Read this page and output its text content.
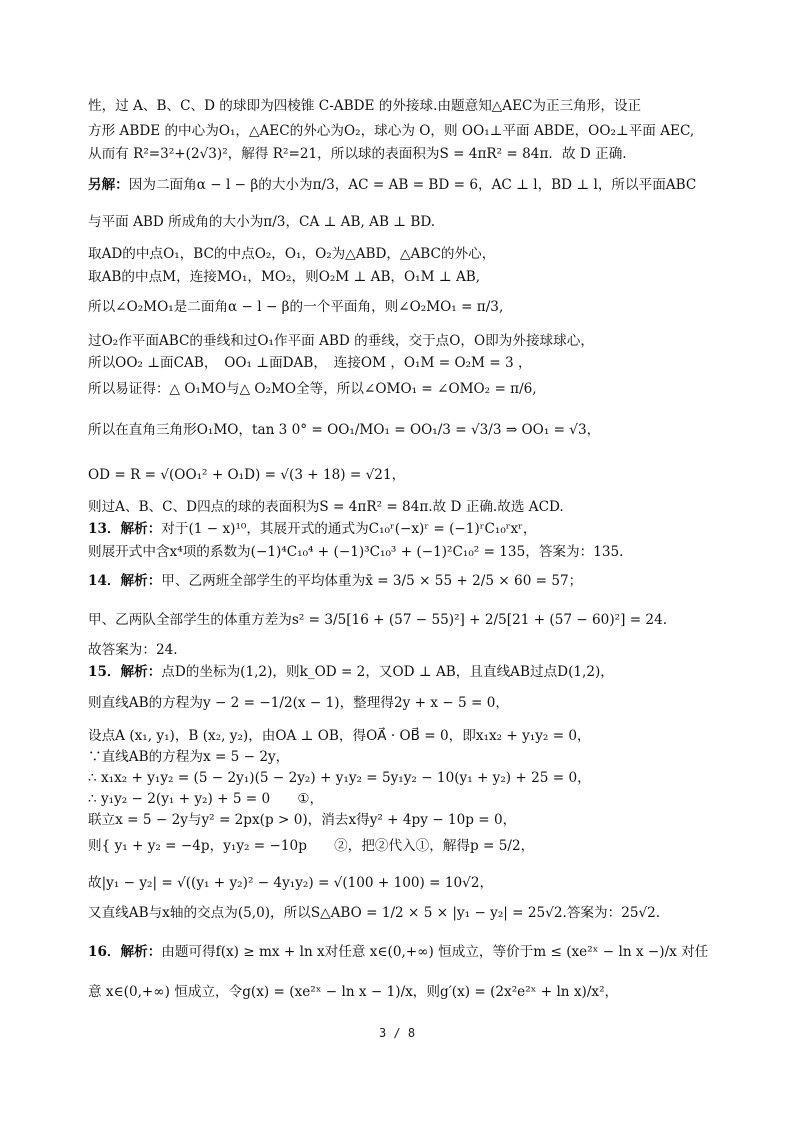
性，过 A、B、C、D 的球即为四棱锥 C-ABDE 的外接球.由题意知△AEC为正三角形，设正
方形 ABDE 的中心为O₁，△AEC的外心为O₂，球心为 O，则 OO₁⊥平面 ABDE，OO₂⊥平面 AEC,
从而有 R²=3²+(2√3)²，解得 R²=21，所以球的表面积为S = 4πR² = 84π．故 D 正确.
另解：因为二面角α − l − β的大小为π/3，AC = AB = BD = 6，AC ⊥ l，BD ⊥ l，所以平面ABC
与平面 ABD 所成角的大小为π/3，CA ⊥ AB, AB ⊥ BD.
取AD的中点O₁，BC的中点O₂，O₁，O₂为△ABD，△ABC的外心，
取AB的中点M，连接MO₁，MO₂，则O₂M ⊥ AB，O₁M ⊥ AB,
所以∠O₂MO₁是二面角α − l − β的一个平面角，则∠O₂MO₁ = π/3,
过O₂作平面ABC的垂线和过O₁作平面 ABD 的垂线，交于点O，O即为外接球球心，
所以OO₂ ⊥面CAB，　OO₁ ⊥面DAB，　连接OM ，O₁M = O₂M = 3 ，
所以易证得：△ O₁MO与△ O₂MO全等，所以∠OMO₁ = ∠OMO₂ = π/6,
所以在直角三角形O₁MO，tan 3 0° = OO₁/MO₁ = OO₁/3 = √3/3 ⇒ OO₁ = √3，
OD = R = √(OO₁² + O₁D) = √(3 + 18) = √21，
则过A、B、C、D四点的球的表面积为S = 4πR² = 84π.故 D 正确.故选 ACD.
13．解析：对于(1 − x)¹⁰，其展开式的通式为C₁₀ʳ(−x)ʳ = (−1)ʳC₁₀ʳxʳ，
则展开式中含x⁴项的系数为(−1)⁴C₁₀⁴ + (−1)³C₁₀³ + (−1)²C₁₀² = 135，答案为：135.
14．解析：甲、乙两班全部学生的平均体重为x̄ = 3/5 × 55 + 2/5 × 60 = 57；
甲、乙两队全部学生的体重方差为s² = 3/5[16 + (57 − 55)²] + 2/5[21 + (57 − 60)²] = 24.
故答案为：24.
15．解析：点D的坐标为(1,2)，则k_OD = 2，又OD ⊥ AB，且直线AB过点D(1,2)，
则直线AB的方程为y − 2 = −1/2(x − 1)，整理得2y + x − 5 = 0，
设点A (x₁, y₁)，B (x₂, y₂)，由OA ⊥ OB，得OA⃗ · OB⃗ = 0，即x₁x₂ + y₁y₂ = 0，
∵直线AB的方程为x = 5 − 2y，
∴ x₁x₂ + y₁y₂ = (5 − 2y₁)(5 − 2y₂) + y₁y₂ = 5y₁y₂ − 10(y₁ + y₂) + 25 = 0，
∴ y₁y₂ − 2(y₁ + y₂) + 5 = 0　　①，
联立x = 5 − 2y与y² = 2px(p > 0)，消去x得y² + 4py − 10p = 0，
则{ y₁ + y₂ = −4p，y₁y₂ = −10p　　②，把②代入①，解得p = 5/2，
故|y₁ − y₂| = √((y₁ + y₂)² − 4y₁y₂) = √(100 + 100) = 10√2，
又直线AB与x轴的交点为(5,0)，所以S△ABO = 1/2 × 5 × |y₁ − y₂| = 25√2.答案为：25√2.
16．解析：由题可得f(x) ≥ mx + ln x对任意 x∈(0,+∞) 恒成立，等价于m ≤ (xe²ˣ − ln x −)/x 对任
意 x∈(0,+∞) 恒成立，令g(x) = (xe²ˣ − ln x − 1)/x，则g′(x) = (2x²e²ˣ + ln x)/x²，
3 / 8
